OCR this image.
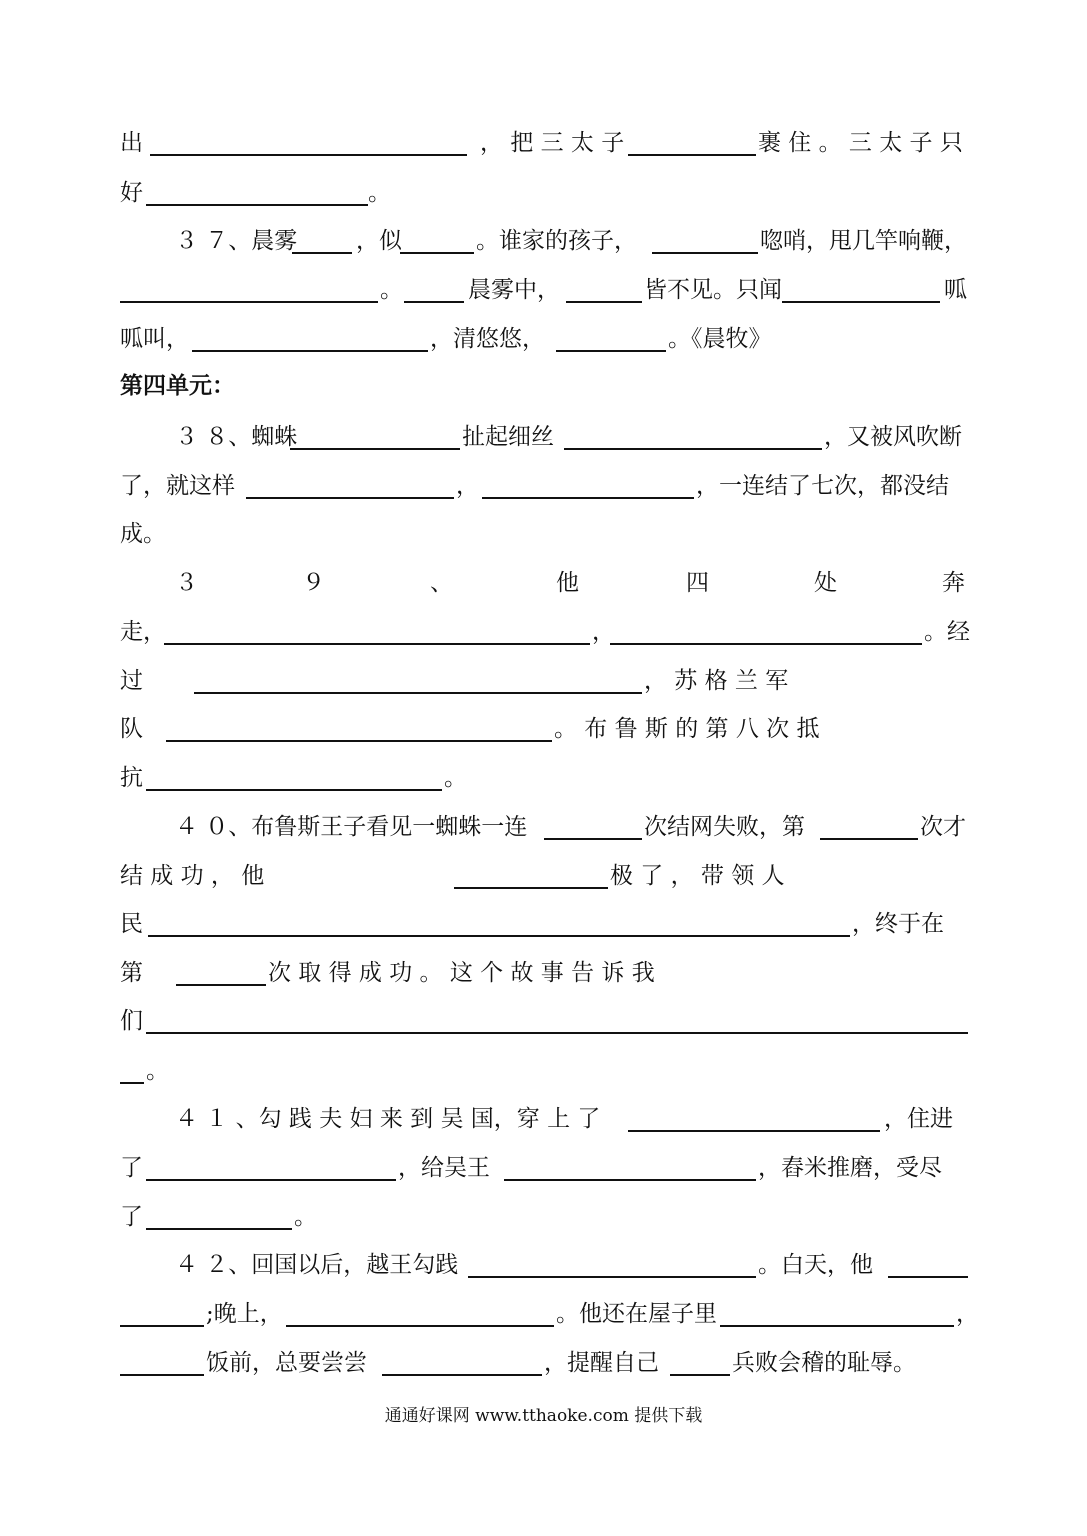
第四单元：
出	， 把 三 太 子	裹 住 。 三 太 子 只
好	。
３ ７、晨雾	，似	。谁家的孩子，	唿哨，甩几竿响鞭，
。	晨雾中，	皆不见。只闻	呱
呱叫，	，清悠悠，	。《晨牧》
３ ８、蜘蛛	扯起细丝	，又被风吹断
了，就这样	，	，一连结了七次，都没结
成。
３	９	、	他	四	处	奔
走，	，	。经
过	， 苏 格 兰 军
队	。 布 鲁 斯 的 第 八 次 抵
抗	。
４ ０、布鲁斯王子看见一蜘蛛一连	次结网失败，第	次才
结 成 功 ， 他	极 了 ， 带 领 人
民	，终于在
第	次 取 得 成 功 。 这 个 故 事 告 诉 我
们
。
４ １ 、勾 践 夫 妇 来 到 吴 国，穿 上 了	，住进
了	，给吴王	，舂米推磨，受尽
了	。
４ ２、回国以后，越王勾践	。白天，他
;晚上，	。他还在屋子里	，
饭前，总要尝尝	，提醒自己	兵败会稽的耻辱。
通通好课网 www.tthaoke.com 提供下载
